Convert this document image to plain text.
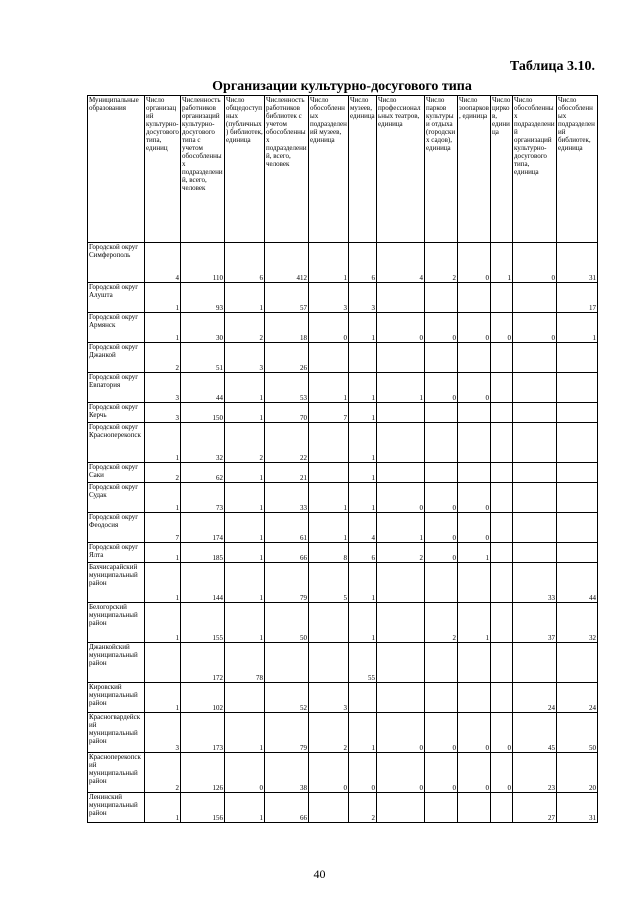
Таблица 3.10.
Организации культурно-досугового типа
Муниципальные образования	Число организаций культурно-досугового типа, единиц	Численность работников организаций культурно-досугового типа с учетом обособленных подразделений, всего, человек	Число общедоступных (публичных) библиотек, единица	Численность работников библиотек с учетом обособленных подразделений, всего, человек	Число обособленных подразделений музеев, единица	Число музеев, единица	Число профессиональных театров, единица	Число парков культуры и отдыха (городских садов), единица	Число зоопарков, единица	Число цирков, единица	Число обособленных подразделений организаций культурно-досугового типа, единица	Число обособленных подразделений библиотек, единица
Городской округ Симферополь	4	110	6	412	1	6	4	2	0	1	0	31
Городской округ Алушта	1	93	1	57	3	3						17
Городской округ Армянск	1	30	2	18	0	1	0	0	0	0	0	1
Городской округ Джанкой	2	51	3	26								
Городской округ Евпатория	3	44	1	53	1	1	1	0	0			
Городской округ Керчь	3	150	1	70	7	1						
Городской округ Красноперекопск	1	32	2	22		1						
Городской округ Саки	2	62	1	21		1						
Городской округ Судак	1	73	1	33	1	1	0	0	0			
Городской округ Феодосия	7	174	1	61	1	4	1	0	0			
Городской округ Ялта	1	185	1	66	8	6	2	0	1			
Бахчисарайский муниципальный район	1	144	1	79	5	1					33	44
Белогорский муниципальный район	1	155	1	50		1		2	1		37	32
Джанкойский муниципальный район		172	78			55						
Кировский муниципальный район	1	102		52	3						24	24
Красногвардейский муниципальный район	3	173	1	79	2	1	0	0	0	0	45	50
Красноперекопский муниципальный район	2	126	0	38	0	0	0	0	0	0	23	20
Ленинский муниципальный район	1	156	1	66		2					27	31
40
